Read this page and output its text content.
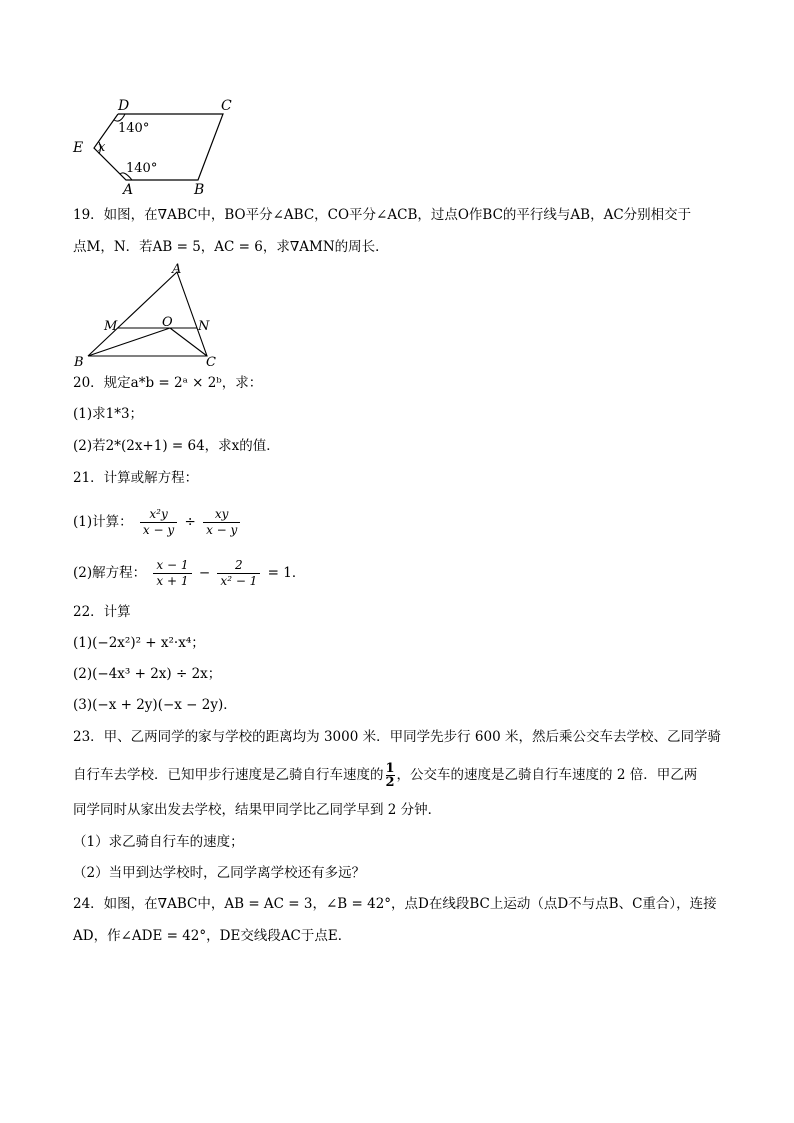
D	C
E
A	B
x
140°
140°
19．如图，在∇ABC中，BO平分∠ABC，CO平分∠ACB，过点O作BC的平行线与AB，AC分别相交于
点M，N．若AB = 5，AC = 6，求∇AMN的周长．
A
M	O N
B	C
20．规定a*b = 2ᵃ × 2ᵇ，求：
(1)求1*3；
(2)若2*(2x+1) = 64，求x的值．
21．计算或解方程：
(1)计算： $\frac{\text{x²y}}{x - y} \div \frac{xy}{x - y}$
(2)解方程： $\frac{x - 1}{x + 1} - \frac{2}{\text{x² − 1}} = 1$．
22．计算
(1)(−2x²)² + x²·x⁴；
(2)(−4x³ + 2x) ÷ 2x；
(3)(−x + 2y)(−x − 2y)．
23．甲、乙两同学的家与学校的距离均为 3000 米．甲同学先步行 600 米，然后乘公交车去学校、乙同学骑
自行车去学校．已知甲步行速度是乙骑自行车速度的 $\frac{1}{2}$ ，公交车的速度是乙骑自行车速度的 2 倍．甲乙两
同学同时从家出发去学校，结果甲同学比乙同学早到 2 分钟．
（1）求乙骑自行车的速度；
（2）当甲到达学校时，乙同学离学校还有多远？
24．如图，在∇ABC中，AB = AC = 3，∠B = 42°，点D在线段BC上运动（点D不与点B、C重合），连接
AD，作∠ADE = 42°，DE交线段AC于点E．
